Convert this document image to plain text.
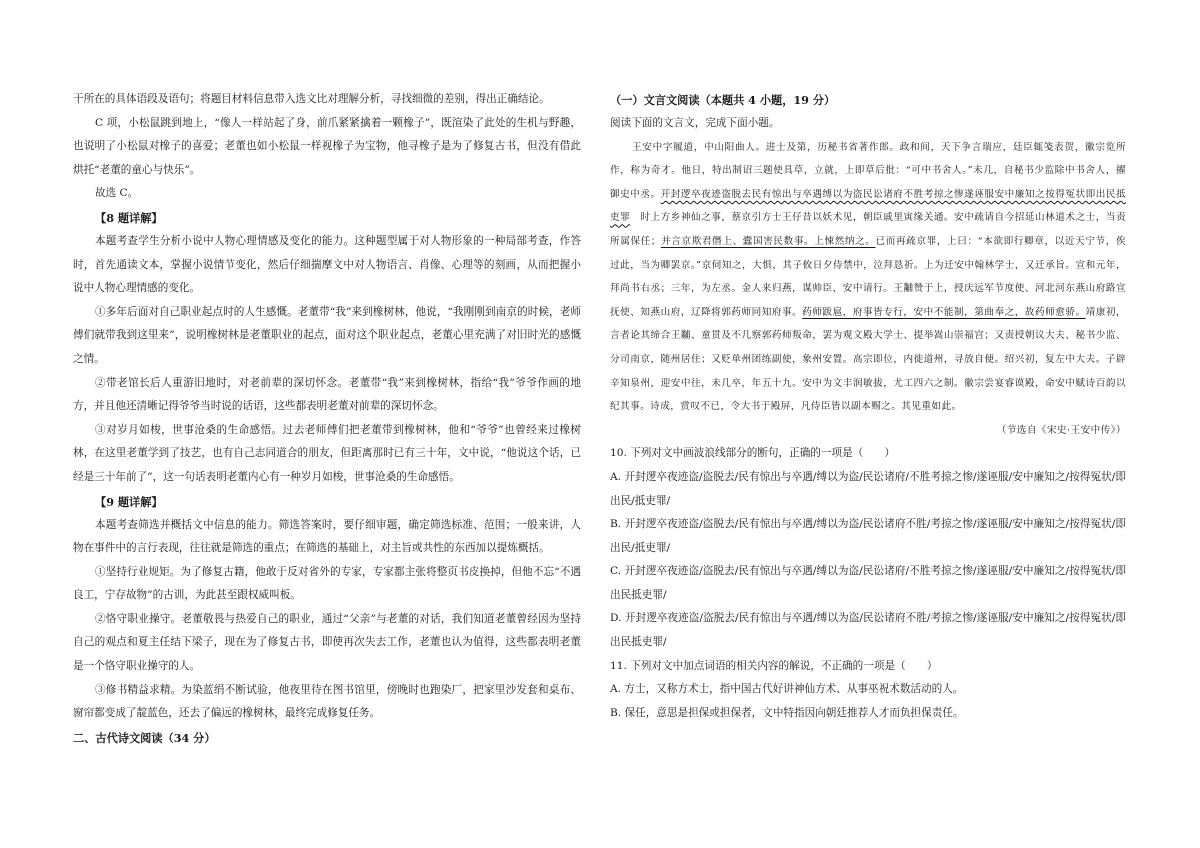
干所在的具体语段及语句；将题目材料信息带入选文比对理解分析，寻找细微的差别，得出正确结论。

C 项，小松鼠跳到地上，“像人一样站起了身，前爪紧紧擒着一颗橡子”，既渲染了此处的生机与野趣，也说明了小松鼠对橡子的喜爱；老董也如小松鼠一样视橡子为宝物，他寻橡子是为了修复古书，但没有借此烘托“老董的童心与快乐”。

故选 C。

【8 题详解】

本题考查学生分析小说中人物心理情感及变化的能力。这种题型属于对人物形象的一种局部考查，作答时，首先通读文本，掌握小说情节变化，然后仔细揣摩文中对人物语言、肖像、心理等的刻画，从而把握小说中人物心理情感的变化。

①多年后面对自己职业起点时的人生感慨。老董带“我”来到橡树林，他说，“我刚刚到南京的时候，老师傅们就带我到这里来”，说明橡树林是老董职业的起点，面对这个职业起点，老董心里充满了对旧时光的感慨之情。

②带老馆长后人重游旧地时，对老前辈的深切怀念。老董带“我”来到橡树林，指给“我”爷爷作画的地方，并且他还清晰记得爷爷当时说的话语，这些都表明老董对前辈的深切怀念。

③对岁月如梭，世事沧桑的生命感悟。过去老师傅们把老董带到橡树林，他和“爷爷”也曾经来过橡树林，在这里老董学到了技艺，也有自己志同道合的朋友，但距离那时已有三十年，文中说，“他说这个话，已经是三十年前了”，这一句话表明老董内心有一种岁月如梭，世事沧桑的生命感悟。

【9 题详解】

本题考查筛选并概括文中信息的能力。筛选答案时，要仔细审题，确定筛选标准、范围；一般来讲，人物在事件中的言行表现，往往就是筛选的重点；在筛选的基础上，对主旨或共性的东西加以提炼概括。

①坚持行业规矩。为了修复古籍，他敢于反对省外的专家，专家都主张将整页书皮换掉，但他不忘“不遇良工，宁存故物”的古训，为此甚至跟权威叫板。

②恪守职业操守。老董敬畏与热爱自己的职业，通过“父亲”与老董的对话，我们知道老董曾经因为坚持自己的观点和夏主任结下梁子，现在为了修复古书，即使再次失去工作，老董也认为值得，这些都表明老董是一个恪守职业操守的人。

③修书精益求精。为染蓝绢不断试验，他夜里待在图书馆里，傍晚时也跑染厂，把家里沙发套和桌布、窗帘都变成了靛蓝色，还去了偏远的橡树林，最终完成修复任务。

二、古代诗文阅读（34 分）

（一）文言文阅读（本题共 4 小题，19 分）

阅读下面的文言文，完成下面小题。

王安中字履道，中山阳曲人。进士及第，历秘书省著作郎。政和间，天下争言瑞应，廷臣辄笺表贺，徽宗览所作，称为奇才。他日，特出制诏三题使具草，立就，上即草后批：“可中书舍人。”未几，自秘书少监除中书舍人，擢御史中丞。开封逻卒夜迹盗脱去民有惊出与卒遇缚以为盗民讼诸府不胜考掠之惨遂诬服安中廉知之按得冤状即出民抵吏罪　 时上方乡神仙之事，蔡京引方士王仔昔以妖术见，朝臣戚里寅缘关通。安中疏请自今招延山林道术之士，当责所属保任；并言京欺君僭上、蠹国害民数事。上悚然纳之。已而再疏京罪，上曰：“本欲即行卿章，以近天宁节，俟过此，当为卿罢京。”京伺知之，大惧，其子攸日夕侍禁中，泣拜恳祈。上为迁安中翰林学士，又迁承旨。宣和元年，拜尚书右丞；三年，为左丞。金人来归燕，谋帅臣，安中请行。王黼赞于上，授庆远军节度使、河北河东燕山府路宣抚使、知燕山府，辽降将郭药师同知府事。药师跋扈，府事皆专行，安中不能制，第曲奉之，故药师愈骄。靖康初，言者论其缔合王黼、童贯及不几察郭药师叛命，罢为观文殿大学士、提举嵩山崇福宫；又责授朝议大夫、秘书少监、分司南京，随州居住；又贬单州团练副使，象州安置。高宗即位，内徙道州，寻放自便。绍兴初，复左中大夫。子辟辛知泉州，迎安中往，未几卒，年五十九。安中为文丰润敏拔，尤工四六之制。徽宗尝宴睿谟殿，命安中赋诗百韵以纪其事。诗成，赏叹不已，令大书于殿屏，凡侍臣皆以副本赐之。其见重如此。

（节选自《宋史·王安中传》）

10. 下列对文中画波浪线部分的断句，正确的一项是（　　）

A. 开封逻卒夜迹盗/盗脱去/民有惊出与卒遇/缚以为盗/民讼诸府/不胜考掠之惨/遂诬服/安中廉知之/按得冤状/即出民/抵吏罪/

B. 开封逻卒夜迹盗/盗脱去/民有惊出与卒遇/缚以为盗/民讼诸府不胜/考掠之惨/遂诬服/安中廉知之/按得冤状/即出民/抵吏罪/

C. 开封逻卒夜迹盗/盗脱去/民有惊出与卒遇/缚以为盗/民讼诸府/不胜考掠之惨/遂诬服/安中廉知之/按得冤状/即出民抵吏罪/

D. 开封逻卒夜迹盗/盗脱去/民有惊出与卒遇/缚以为盗/民讼诸府不胜/考掠之惨/遂诬服/安中廉知之/按得冤状/即出民抵吏罪/

11. 下列对文中加点词语的相关内容的解说，不正确的一项是（　　）

A. 方士，又称方术士，指中国古代好讲神仙方术、从事巫祝术数活动的人。

B. 保任，意思是担保或担保者，文中特指因向朝廷推荐人才而负担保责任。
